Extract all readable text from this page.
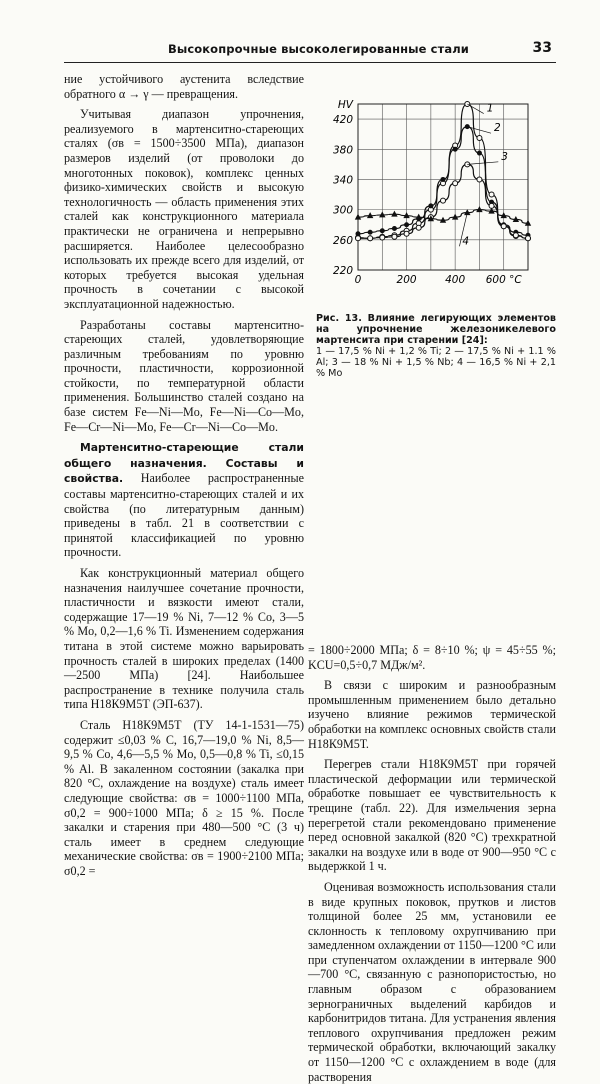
Высокопрочные высоколегированные стали	33

ние устойчивого аустенита вследствие обратного α → γ — превращения.

Учитывая диапазон упрочнения, реализуемого в мартенситно-стареющих сталях (σв = 1500÷3500 МПа), диапазон размеров изделий (от проволоки до многотонных поковок), комплекс ценных физико-химических свойств и высокую технологичность — область применения этих сталей как конструкционного материала практически не ограничена и непрерывно расширяется. Наиболее целесообразно использовать их прежде всего для изделий, от которых требуется высокая удельная прочность в сочетании с высокой эксплуатационной надежностью.

Разработаны составы мартенситно-стареющих сталей, удовлетворяющие различным требованиям по уровню прочности, пластичности, коррозионной стойкости, по температурной области применения. Большинство сталей создано на базе систем Fe—Ni—Mo, Fe—Ni—Co—Mo, Fe—Cr—Ni—Mo, Fe—Cr—Ni—Co—Mo.

Мартенситно-стареющие стали общего назначения. Составы и свойства. Наиболее распространенные составы мартенситно-стареющих сталей и их свойства (по литературным данным) приведены в табл. 21 в соответствии с принятой классификацией по уровню прочности.

Как конструкционный материал общего назначения наилучшее сочетание прочности, пластичности и вязкости имеют стали, содержащие 17—19 % Ni, 7—12 % Co, 3—5 % Mo, 0,2—1,6 % Ti. Изменением содержания титана в этой системе можно варьировать прочность сталей в широких пределах (1400—2500 МПа) [24]. Наибольшее распространение в технике получила сталь типа Н18К9М5Т (ЭП-637).

Сталь Н18К9М5Т (ТУ 14-1-1531—75) содержит ≤0,03 % C, 16,7—19,0 % Ni, 8,5—9,5 % Co, 4,6—5,5 % Mo, 0,5—0,8 % Ti, ≤0,15 % Al. В закаленном состоянии (закалка при 820 °C, охлаждение на воздухе) сталь имеет следующие свойства: σв = 1000÷1100 МПа, σ0,2 = 900÷1000 МПа; δ ≥ 15 %. После закалки и старения при 480—500 °C (3 ч) сталь имеет в среднем следующие механические свойства: σв = 1900÷2100 МПа; σ0,2 =

220
260
300
340
380
420
HV
0	200	400 600 °C
1
2
3
4

Рис. 13. Влияние легирующих элементов на упрочнение железоникелевого мартенсита при старении [24]:

1 — 17,5 % Ni + 1,2 % Ti; 2 — 17,5 % Ni + 1.1 % Al; 3 — 18 % Ni + 1,5 % Nb; 4 — 16,5 % Ni + 2,1 % Mo

= 1800÷2000 МПа; δ = 8÷10 %; ψ = 45÷55 %; KCU=0,5÷0,7 МДж/м².

В связи с широким и разнообразным промышленным применением было детально изучено влияние режимов термической обработки на комплекс основных свойств стали Н18К9М5Т.

Перегрев стали Н18К9М5Т при горячей пластической деформации или термической обработке повышает ее чувствительность к трещине (табл. 22). Для измельчения зерна перегретой стали рекомендовано применение перед основной закалкой (820 °C) трехкратной закалки на воздухе или в воде от 900—950 °C с выдержкой 1 ч.

Оценивая возможность использования стали в виде крупных поковок, прутков и листов толщиной более 25 мм, установили ее склонность к тепловому охрупчиванию при замедленном охлаждении от 1150—1200 °C или при ступенчатом охлаждении в интервале 900—700 °C, связанную с разнопористостью, но главным образом с образованием зернограничных выделений карбидов и карбонитридов титана. Для устранения явления теплового охрупчивания предложен режим термической обработки, включающий закалку от 1150—1200 °C с охлаждением в воде (для растворения
